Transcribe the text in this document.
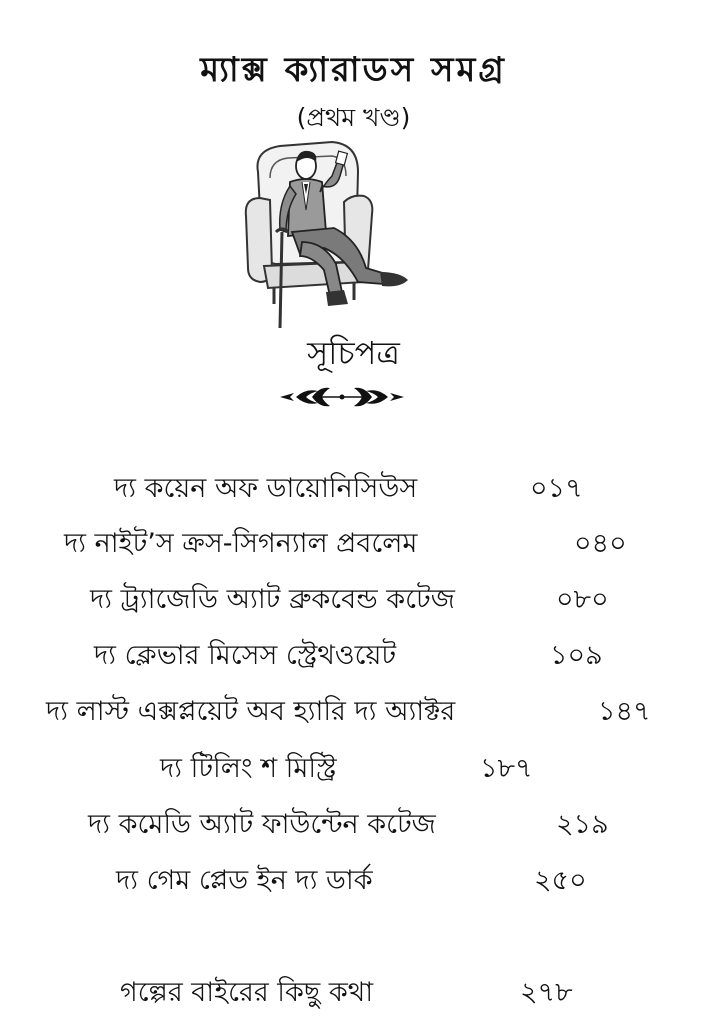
ম্যাক্স ক্যারাডস সমগ্র
(প্রথম খণ্ড)
সূচিপত্র
দ্য কয়েন অফ ডায়োনিসিউস	০১৭
দ্য নাইট’স ক্রস-সিগন্যাল প্রবলেম	০৪০
দ্য ট্র্যাজেডি অ্যাট ব্রুকবেন্ড কটেজ	০৮০
দ্য ক্লেভার মিসেস স্ট্রেথওয়েট	১০৯
দ্য লাস্ট এক্সপ্লয়েট অব হ্যারি দ্য অ্যাক্টর	১৪৭
দ্য টিলিং শ মিস্ট্রি	১৮৭
দ্য কমেডি অ্যাট ফাউন্টেন কটেজ	২১৯
দ্য গেম প্লেড ইন দ্য ডার্ক	২৫০
গল্পের বাইরের কিছু কথা	২৭৮
